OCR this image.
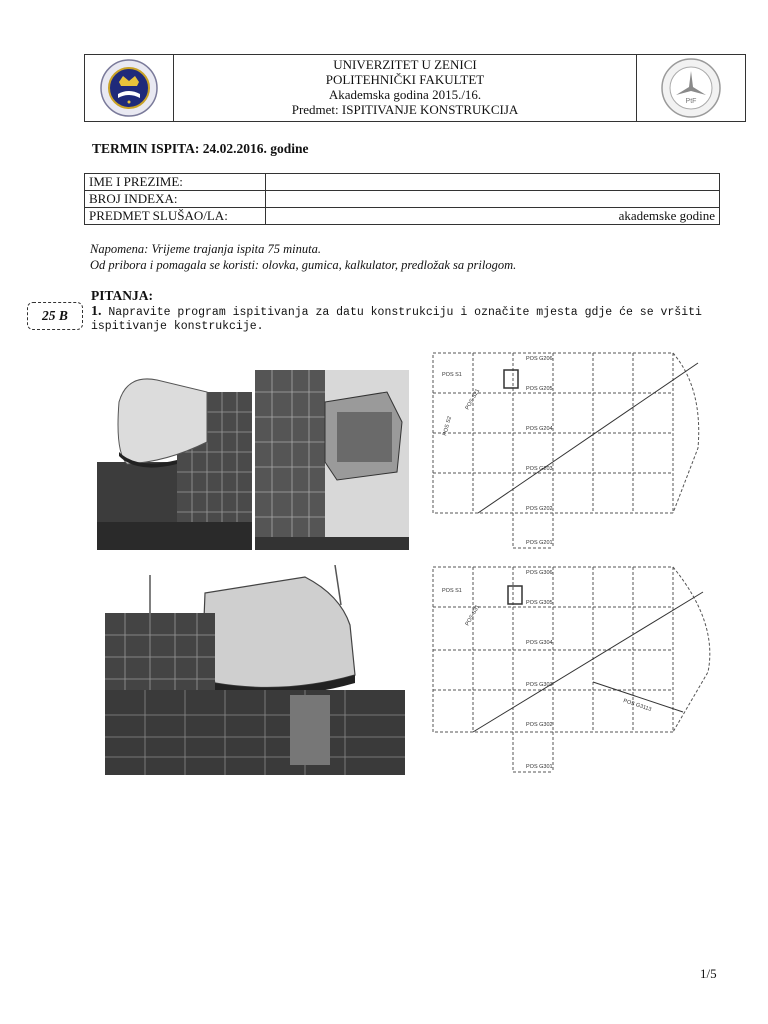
UNIVERZITET U ZENICI
POLITEHNIČKI FAKULTET
Akademska godina 2015./16.
Predmet: ISPITIVANJE KONSTRUKCIJA
PtF
TERMIN ISPITA: 24.02.2016. godine
IME I PREZIME:	
BROJ INDEXA:	
PREDMET SLUŠAO/LA:	akademske godine
Napomena: Vrijeme trajanja ispita 75 minuta.
Od pribora i pomagala se koristi: olovka, gumica, kalkulator, predložak sa prilogom.
PITANJA:
25 B	1. Napravite program ispitivanja za datu konstrukciju i označite mjesta gdje će se vršiti ispitivanje konstrukcije.
POS G206
POS G205
POS G204
POS G203
POS G202
POS G201
POS S1
POS S21
POS S2
POS G306
POS G305
POS G304
POS G303
POS G302
POS G301
POS S1
POS S31
POS G3113
1/5
